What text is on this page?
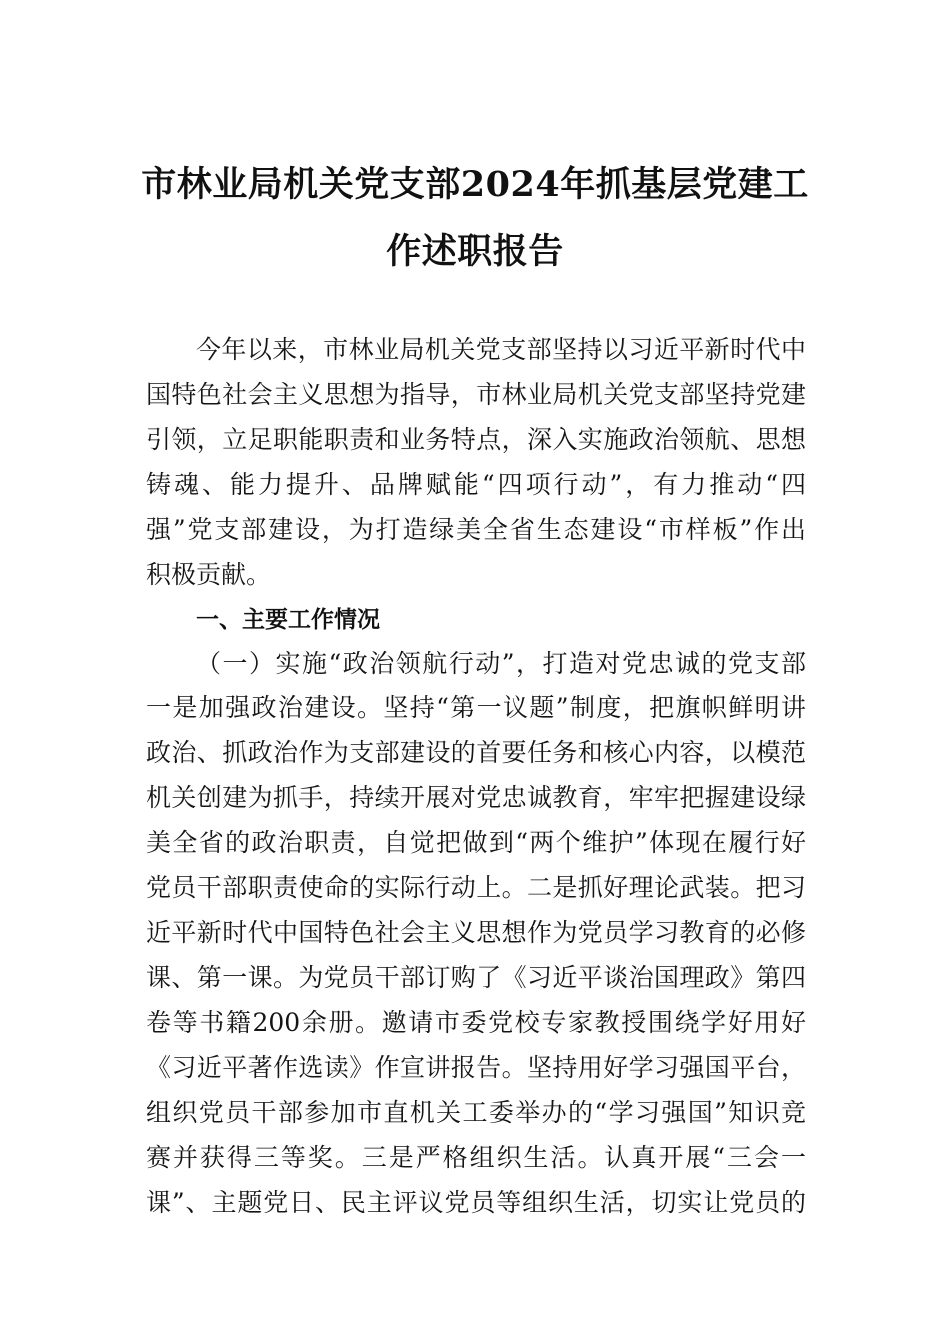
市林业局机关党支部2024年抓基层党建工
作述职报告
今年以来，市林业局机关党支部坚持以习近平新时代中
国特色社会主义思想为指导，市林业局机关党支部坚持党建
引领，立足职能职责和业务特点，深入实施政治领航、思想
铸魂、能力提升、品牌赋能“四项行动”，有力推动“四
强”党支部建设，为打造绿美全省生态建设“市样板”作出
积极贡献。
一、主要工作情况
（一）实施“政治领航行动”，打造对党忠诚的党支部
一是加强政治建设。坚持“第一议题”制度，把旗帜鲜明讲
政治、抓政治作为支部建设的首要任务和核心内容，以模范
机关创建为抓手，持续开展对党忠诚教育，牢牢把握建设绿
美全省的政治职责，自觉把做到“两个维护”体现在履行好
党员干部职责使命的实际行动上。二是抓好理论武装。把习
近平新时代中国特色社会主义思想作为党员学习教育的必修
课、第一课。为党员干部订购了《习近平谈治国理政》第四
卷等书籍200余册。邀请市委党校专家教授围绕学好用好
《习近平著作选读》作宣讲报告。坚持用好学习强国平台，
组织党员干部参加市直机关工委举办的“学习强国”知识竞
赛并获得三等奖。三是严格组织生活。认真开展“三会一
课”、主题党日、民主评议党员等组织生活，切实让党员的
